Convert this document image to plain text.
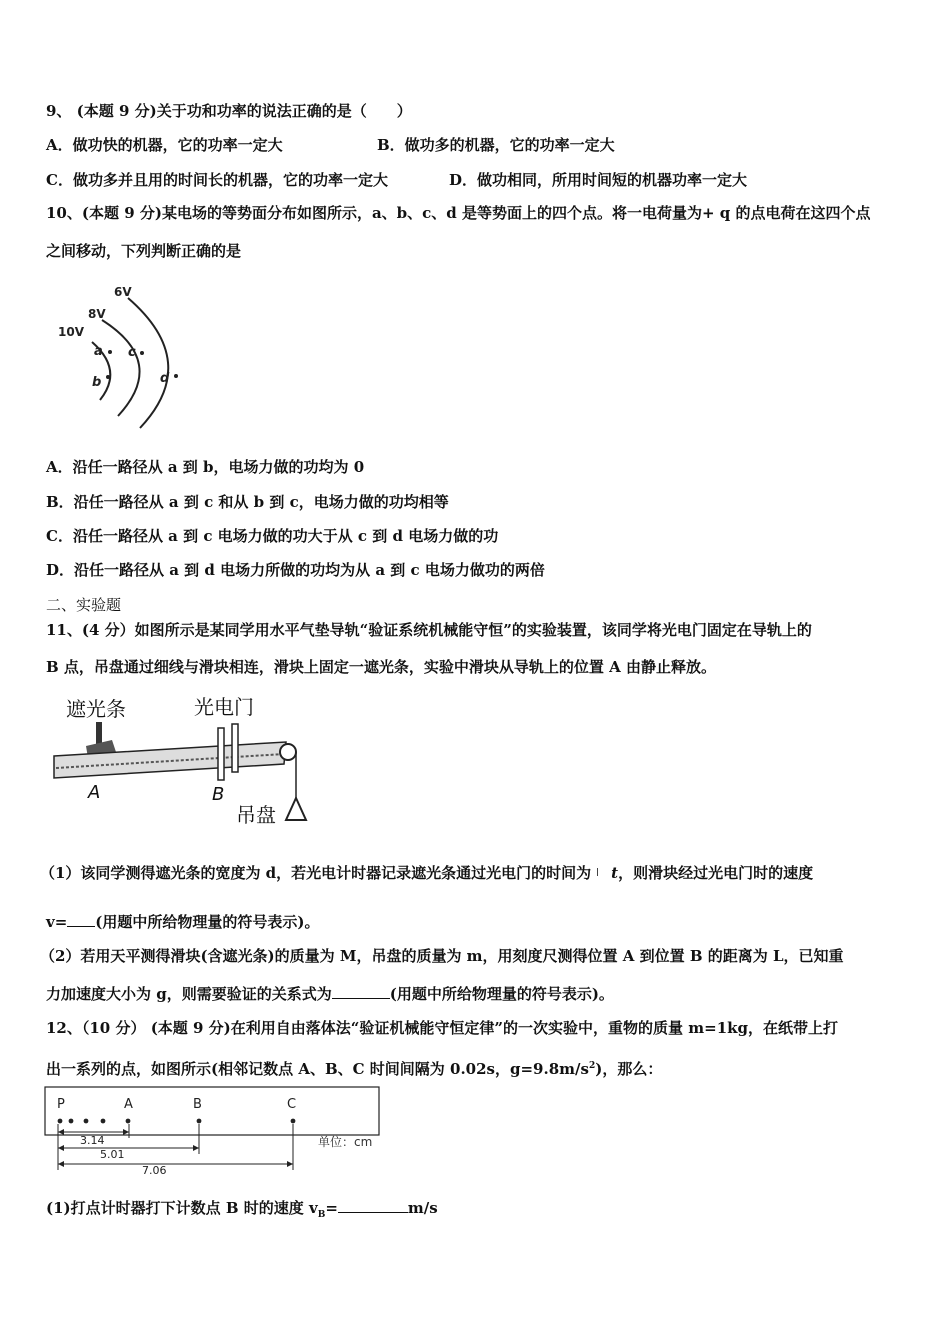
9、 (本题 9 分)关于功和功率的说法正确的是（　　）
A．做功快的机器，它的功率一定大	B．做功多的机器，它的功率一定大
C．做功多并且用的时间长的机器，它的功率一定大	D．做功相同，所用时间短的机器功率一定大
10、(本题 9 分)某电场的等势面分布如图所示，a、b、c、d 是等势面上的四个点。将一电荷量为+ q 的点电荷在这四个点
之间移动，下列判断正确的是
6V
8V
10V
a
b
c
d
A．沿任一路径从 a 到 b，电场力做的功均为 0
B．沿任一路径从 a 到 c 和从 b 到 c，电场力做的功均相等
C．沿任一路径从 a 到 c 电场力做的功大于从 c 到 d 电场力做的功
D．沿任一路径从 a 到 d 电场力所做的功均为从 a 到 c 电场力做功的两倍
二、实验题
11、(4 分）如图所示是某同学用水平气垫导轨“验证系统机械能守恒”的实验装置，该同学将光电门固定在导轨上的
B 点，吊盘通过细线与滑块相连，滑块上固定一遮光条，实验中滑块从导轨上的位置 A 由静止释放。
遮光条	光电门
A	B
吊盘
（1）该同学测得遮光条的宽度为 d，若光电计时器记录遮光条通过光电门的时间为 t，则滑块经过光电门时的速度
v= (用题中所给物理量的符号表示)。
（2）若用天平测得滑块(含遮光条)的质量为 M，吊盘的质量为 m，用刻度尺测得位置 A 到位置 B 的距离为 L，已知重
力加速度大小为 g，则需要验证的关系式为	(用题中所给物理量的符号表示)。
12、（10 分） (本题 9 分)在利用自由落体法“验证机械能守恒定律”的一次实验中，重物的质量 m=1kg，在纸带上打
出一系列的点，如图所示(相邻记数点 A、B、C 时间间隔为 0.02s，$g=9.8m/s^2$)，那么：
P	A	B	C
3.14
5.01
7.06
单位：cm
(1)打点计时器打下计数点 B 时的速度 $v_B=$	m/s
